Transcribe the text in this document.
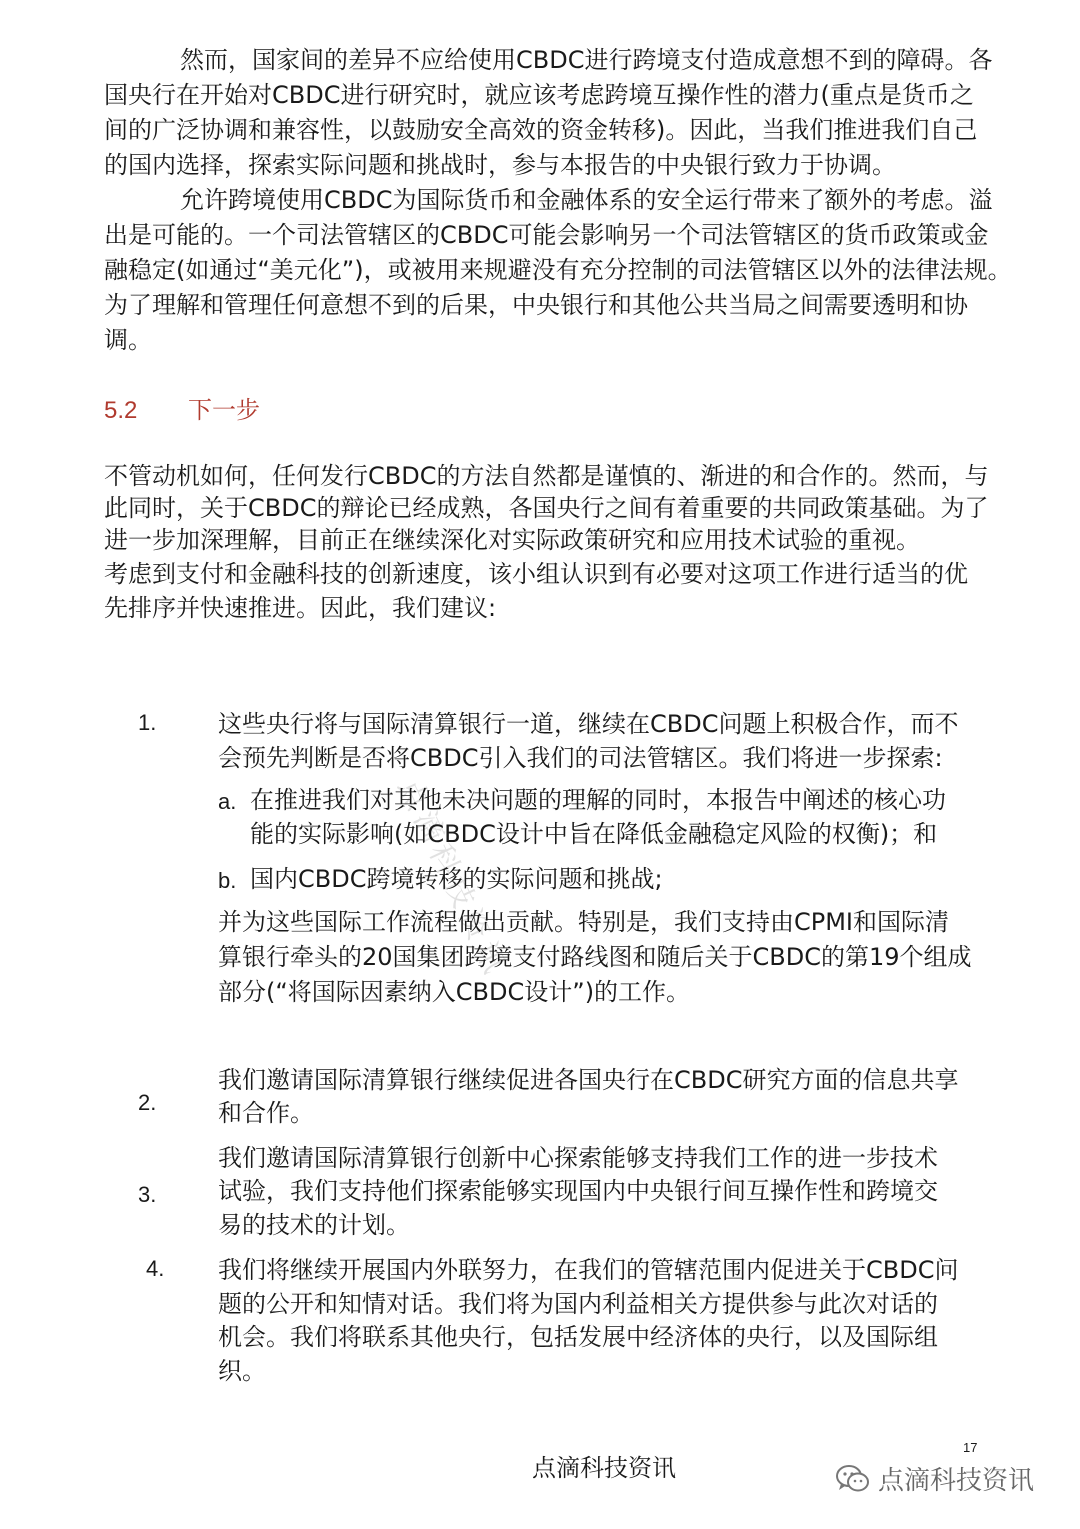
然而，国家间的差异不应给使用CBDC进行跨境支付造成意想不到的障碍。各

国央行在开始对CBDC进行研究时，就应该考虑跨境互操作性的潜力(重点是货币之

间的广泛协调和兼容性，以鼓励安全高效的资金转移)。因此，当我们推进我们自己

的国内选择，探索实际问题和挑战时，参与本报告的中央银行致力于协调。

允许跨境使用CBDC为国际货币和金融体系的安全运行带来了额外的考虑。溢

出是可能的。一个司法管辖区的CBDC可能会影响另一个司法管辖区的货币政策或金

融稳定(如通过“美元化”)，或被用来规避没有充分控制的司法管辖区以外的法律法规。

为了理解和管理任何意想不到的后果，中央银行和其他公共当局之间需要透明和协

调。

5.2 下一步

不管动机如何，任何发行CBDC的方法自然都是谨慎的、渐进的和合作的。然而，与

此同时，关于CBDC的辩论已经成熟，各国央行之间有着重要的共同政策基础。为了

进一步加深理解，目前正在继续深化对实际政策研究和应用技术试验的重视。

考虑到支付和金融科技的创新速度，该小组认识到有必要对这项工作进行适当的优

先排序并快速推进。因此，我们建议:

点滴科技资讯
1.	这些央行将与国际清算银行一道，继续在CBDC问题上积极合作，而不

会预先判断是否将CBDC引入我们的司法管辖区。我们将进一步探索:

a. 在推进我们对其他未决问题的理解的同时，本报告中阐述的核心功

能的实际影响(如CBDC设计中旨在降低金融稳定风险的权衡)；和

b. 国内CBDC跨境转移的实际问题和挑战;

并为这些国际工作流程做出贡献。特别是，我们支持由CPMI和国际清

算银行牵头的20国集团跨境支付路线图和随后关于CBDC的第19个组成

部分(“将国际因素纳入CBDC设计”)的工作。

2.

我们邀请国际清算银行继续促进各国央行在CBDC研究方面的信息共享

和合作。

3.

我们邀请国际清算银行创新中心探索能够支持我们工作的进一步技术

试验，我们支持他们探索能够实现国内中央银行间互操作性和跨境交

易的技术的计划。

4. 我们将继续开展国内外联努力，在我们的管辖范围内促进关于CBDC问

题的公开和知情对话。我们将为国内利益相关方提供参与此次对话的

机会。我们将联系其他央行，包括发展中经济体的央行，以及国际组

织。

17
点滴科技资讯	点滴科技资讯
